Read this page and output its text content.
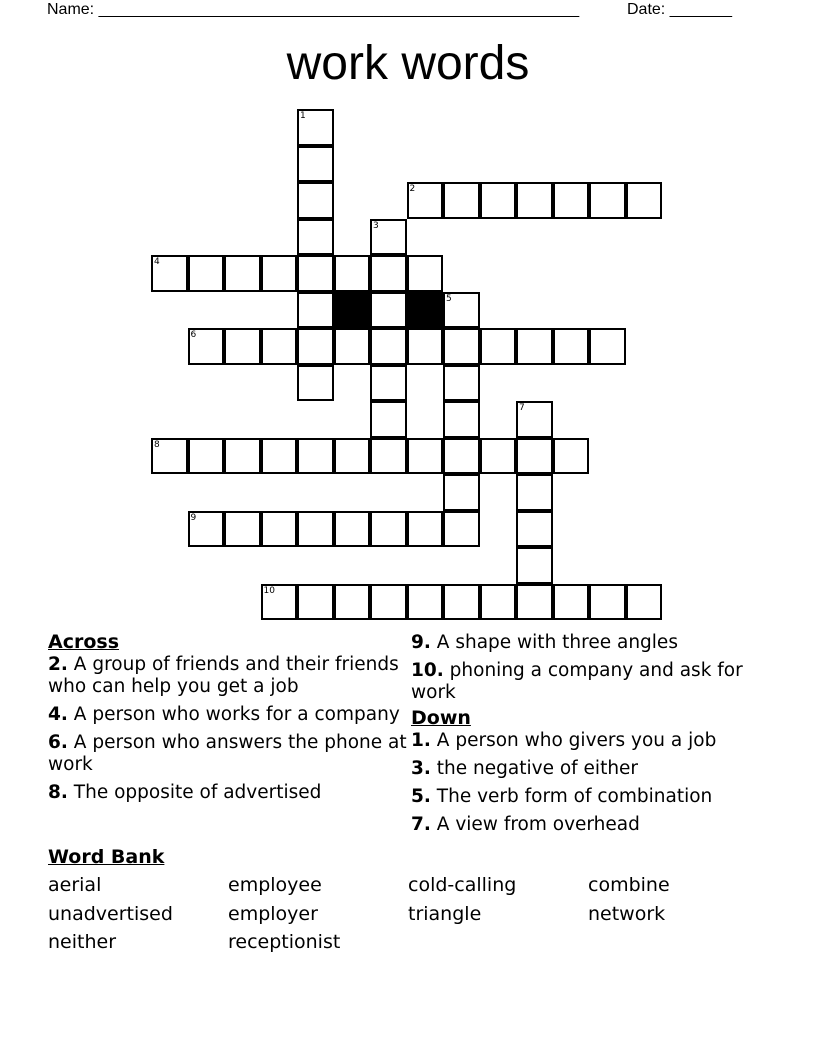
Name: ______________________________________________________	Date: _______
work words
1
2
3
4
5
6
7
8
9
10
Across
2. A group of friends and their friends who can help you get a job
4. A person who works for a company
6. A person who answers the phone at work
8. The opposite of advertised
9. A shape with three angles
10. phoning a company and ask for work
Down
1. A person who givers you a job
3. the negative of either
5. The verb form of combination
7. A view from overhead
Word Bank
aerial	employee	cold-calling	combine
unadvertised	employer	triangle	network
neither	receptionist
